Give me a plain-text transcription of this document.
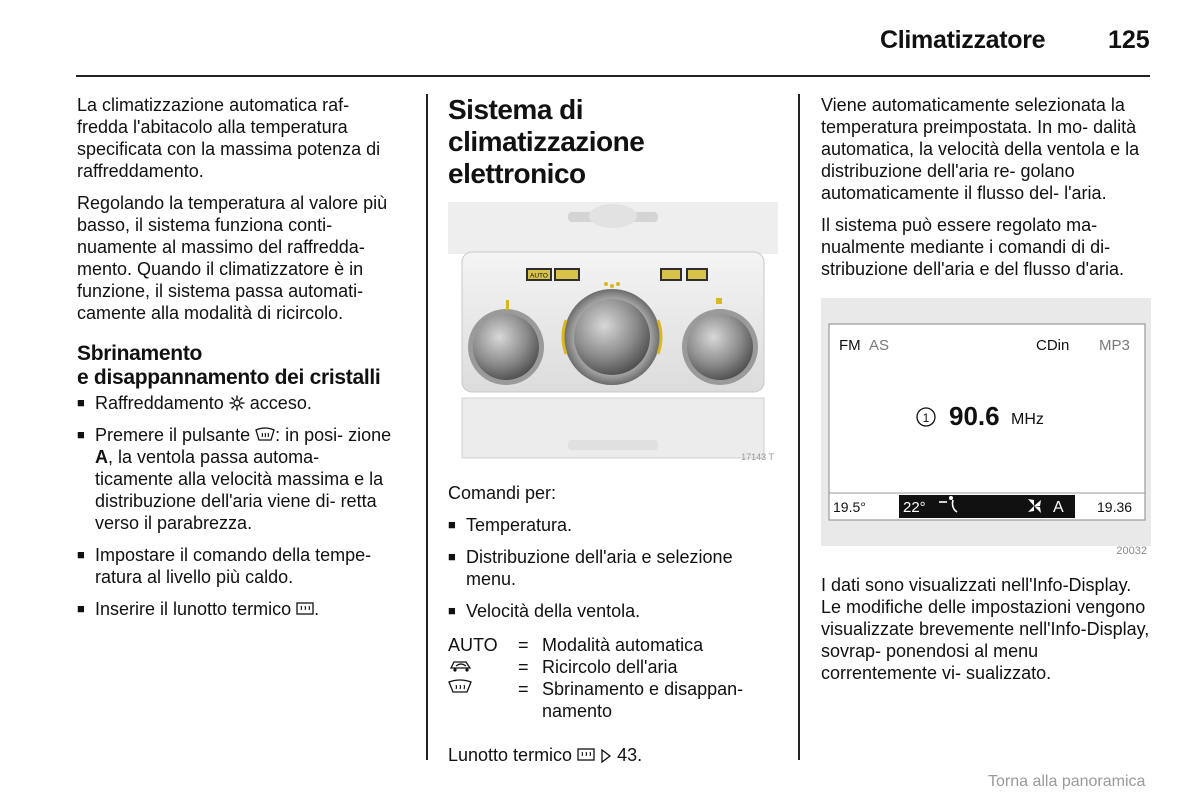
Climatizzatore	125

La climatizzazione automatica raf- fredda l'abitacolo alla temperatura specificata con la massima potenza di raffreddamento.

Regolando la temperatura al valore più basso, il sistema funziona conti- nuamente al massimo del raffredda- mento. Quando il climatizzatore è in funzione, il sistema passa automati- camente alla modalità di ricircolo.

Sbrinamento
e disappannamento dei cristalli
■ Raffreddamento acceso.
■ Premere il pulsante : in posi- zione A, la ventola passa automa- ticamente alla velocità massima e la distribuzione dell'aria viene di- retta verso il parabrezza.
■ Impostare il comando della tempe- ratura al livello più caldo.
■ Inserire il lunotto termico .
Sistema di climatizzazione elettronico
AUTO
17143 T

Comandi per:

■ Temperatura.
■ Distribuzione dell'aria e selezione menu.
■ Velocità della ventola.
AUTO	= Modalità automatica
= Ricircolo dell'aria
= Sbrinamento e disappan- namento

Lunotto termico	43.

Viene automaticamente selezionata la temperatura preimpostata. In mo- dalità automatica, la velocità della ventola e la distribuzione dell'aria re- golano automaticamente il flusso del- l'aria.

Il sistema può essere regolato ma- nualmente mediante i comandi di di- stribuzione dell'aria e del flusso d'aria.

FM AS	CDin MP3
1 90.6 MHz
19.5° 22°	A 19.36
20032

I dati sono visualizzati nell'Info-Display. Le modifiche delle impostazioni vengono visualizzate brevemente nell'Info-Display, sovrap- ponendosi al menu correntemente vi- sualizzato.

Torna alla panoramica
